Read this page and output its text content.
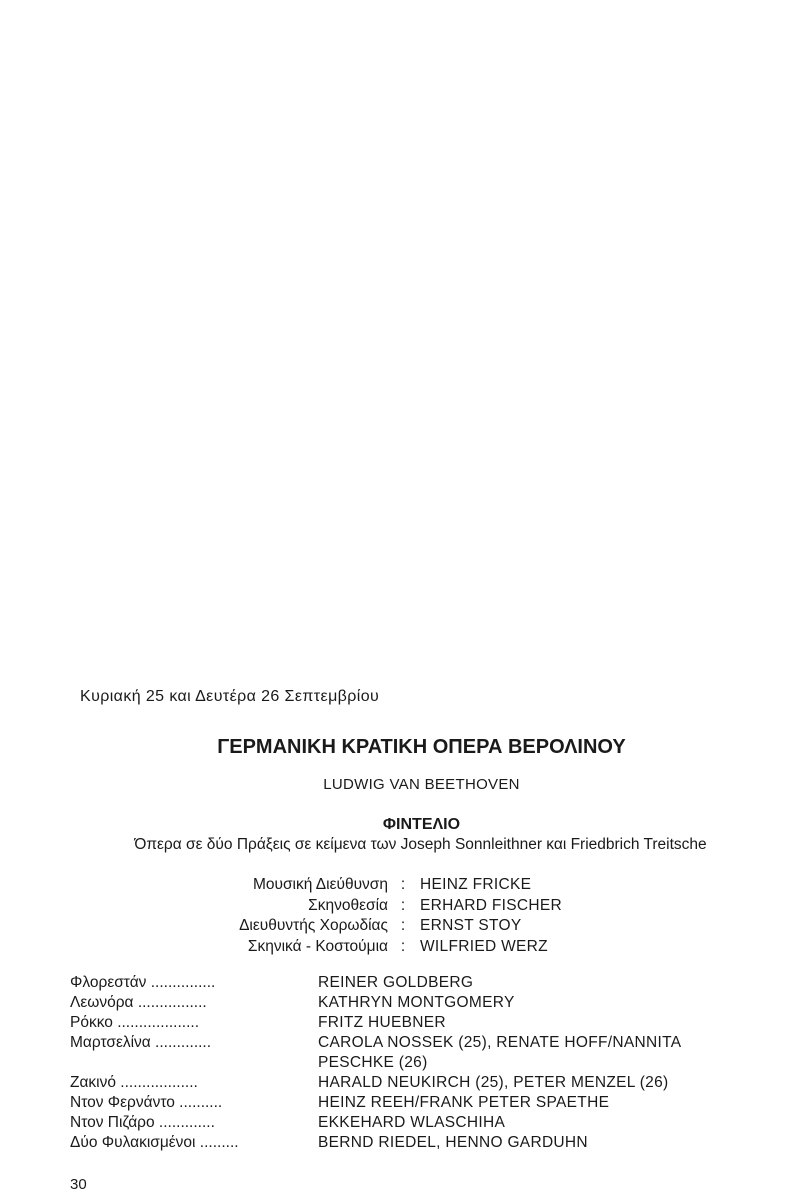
Κυριακή 25 και Δευτέρα 26 Σεπτεμβρίου
ΓΕΡΜΑΝΙΚΗ ΚΡΑΤΙΚΗ ΟΠΕΡΑ ΒΕΡΟΛΙΝΟΥ
LUDWIG VAN BEETHOVEN
ΦΙΝΤΕΛΙΟ
Όπερα σε δύο Πράξεις σε κείμενα των Joseph Sonnleithner και Friedbrich Treitsche
Μουσική Διεύθυνση : HEINZ FRICKE
Σκηνοθεσία : ERHARD FISCHER
Διευθυντής Χορωδίας : ERNST STOY
Σκηνικά - Κοστούμια : WILFRIED WERZ
Φλορεστάν ...............	REINER GOLDBERG
Λεωνόρα ................	KATHRYN MONTGOMERY
Ρόκκο ...................	FRITZ HUEBNER
Μαρτσελίνα .............	CAROLA NOSSEK (25), RENATE HOFF/NANNITA PESCHKE (26)
Ζακινό ..................	HARALD NEUKIRCH (25), PETER MENZEL (26)
Ντον Φερνάντο ..........	HEINZ REEH/FRANK PETER SPAETHE
Ντον Πιζάρο .............	EKKEHARD WLASCHIHA
Δύο Φυλακισμένοι .........	BERND RIEDEL, HENNO GARDUHN
30
